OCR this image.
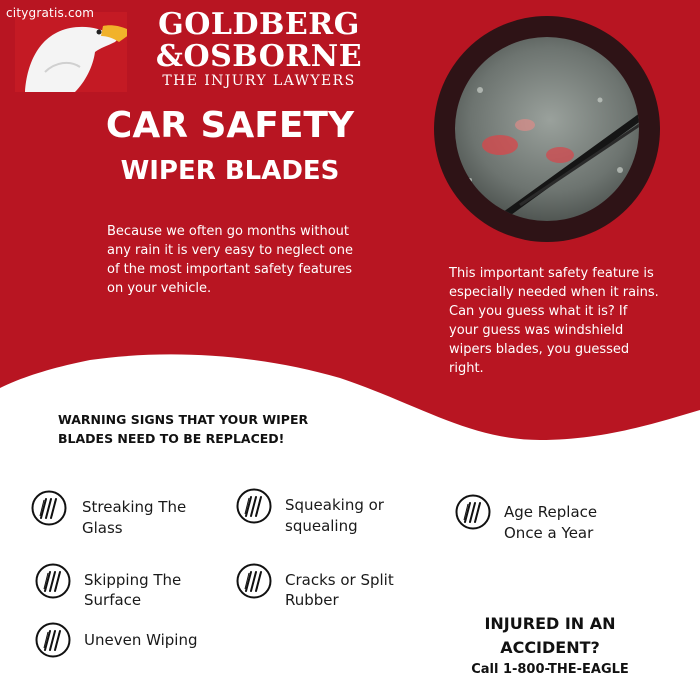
citygratis.com GOLDBERG
&OSBORNE
THE INJURY LAWYERS
CAR SAFETY
WIPER BLADES
Because we often go months without any rain it is very easy to neglect one of the most important safety features on your vehicle.
This important safety feature is especially needed when it rains. Can you guess what it is? If your guess was windshield wipers blades, you guessed right.
WARNING SIGNS THAT YOUR WIPER
BLADES NEED TO BE REPLACED!
Streaking The
Glass
Squeaking or
squealing
Age Replace
Once a Year
Skipping The
Surface
Cracks or Split
Rubber
Uneven Wiping
INJURED IN AN
ACCIDENT?
Call 1-800-THE-EAGLE
